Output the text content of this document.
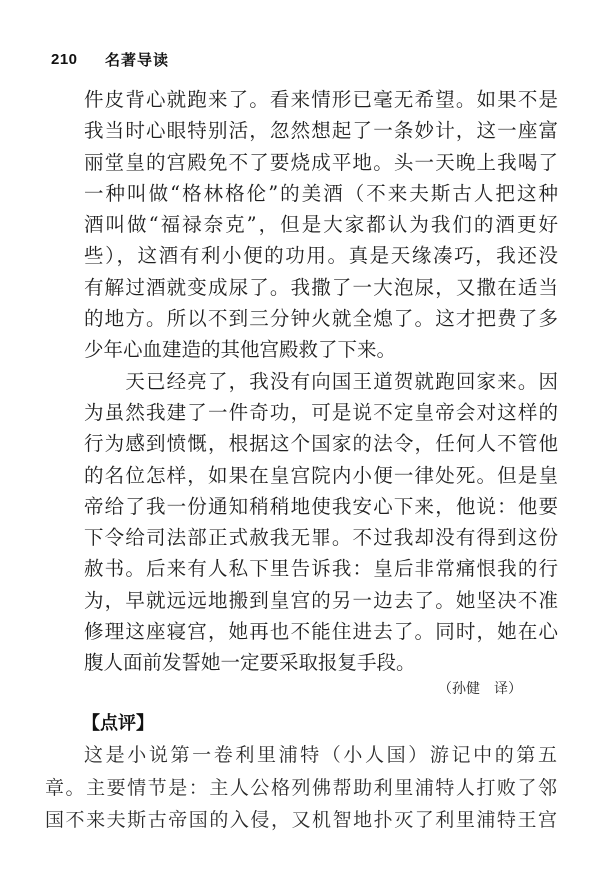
210	名著导读
件皮背心就跑来了。看来情形已毫无希望。如果不是
我当时心眼特别活，忽然想起了一条妙计，这一座富
丽堂皇的宫殿免不了要烧成平地。头一天晚上我喝了
一种叫做“格林格伦”的美酒（不来夫斯古人把这种
酒叫做“福禄奈克”，但是大家都认为我们的酒更好
些），这酒有利小便的功用。真是天缘凑巧，我还没
有解过酒就变成尿了。我撒了一大泡尿，又撒在适当
的地方。所以不到三分钟火就全熄了。这才把费了多
少年心血建造的其他宫殿救了下来。
　　天已经亮了，我没有向国王道贺就跑回家来。因
为虽然我建了一件奇功，可是说不定皇帝会对这样的
行为感到愤慨，根据这个国家的法令，任何人不管他
的名位怎样，如果在皇宫院内小便一律处死。但是皇
帝给了我一份通知稍稍地使我安心下来，他说：他要
下令给司法部正式赦我无罪。不过我却没有得到这份
赦书。后来有人私下里告诉我：皇后非常痛恨我的行
为，早就远远地搬到皇宫的另一边去了。她坚决不准
修理这座寝宫，她再也不能住进去了。同时，她在心
腹人面前发誓她一定要采取报复手段。
（孙健　译）
【点评】
这是小说第一卷利里浦特（小人国）游记中的第五
章。主要情节是：主人公格列佛帮助利里浦特人打败了邻
国不来夫斯古帝国的入侵，又机智地扑灭了利里浦特王宫
